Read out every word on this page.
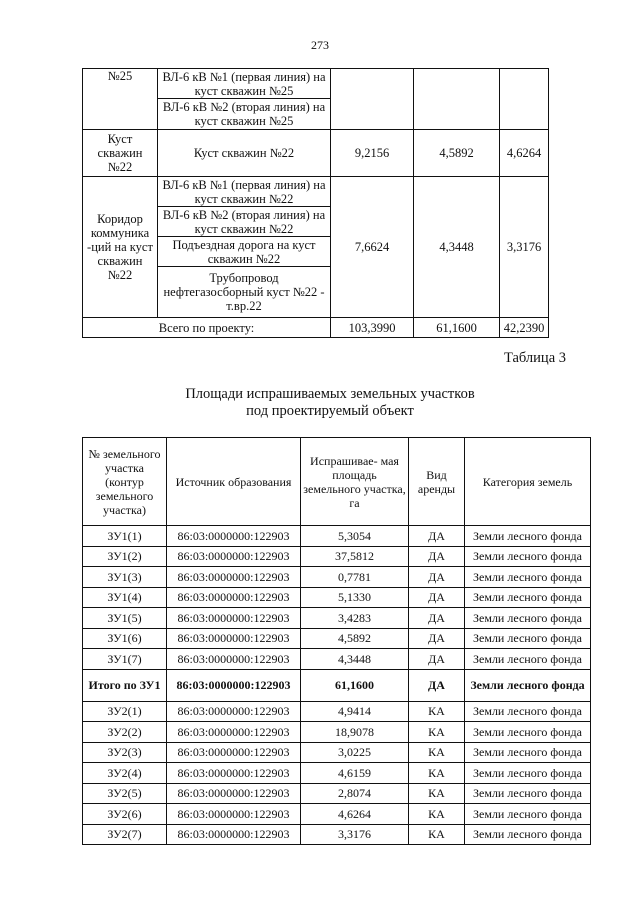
273
№25	ВЛ-6 кВ №1 (первая линия) на куст скважин №25
ВЛ-6 кВ №2 (вторая линия) на куст скважин №25			

Куст скважин №22	Куст скважин №22	9,2156	4,5892	4,6264
Коридор коммуника -ций на куст скважин №22	ВЛ-6 кВ №1 (первая линия) на куст скважин №22
ВЛ-6 кВ №2 (вторая линия) на куст скважин №22
Подъездная дорога на куст скважин №22
Трубопровод нефтегазосборный куст №22 - т.вр.22	7,6624	4,3448	3,3176
Всего по проекту:		103,3990	61,1600	42,2390
Таблица 3
Площади испрашиваемых земельных участков
под проектируемый объект
№ земельного участка (контур земельного участка)	Источник образования	Испрашивае- мая площадь земельного участка, га	Вид аренды	Категория земель
ЗУ1(1)	86:03:0000000:122903	5,3054	ДА	Земли лесного фонда
ЗУ1(2)	86:03:0000000:122903	37,5812	ДА	Земли лесного фонда
ЗУ1(3)	86:03:0000000:122903	0,7781	ДА	Земли лесного фонда
ЗУ1(4)	86:03:0000000:122903	5,1330	ДА	Земли лесного фонда
ЗУ1(5)	86:03:0000000:122903	3,4283	ДА	Земли лесного фонда
ЗУ1(6)	86:03:0000000:122903	4,5892	ДА	Земли лесного фонда
ЗУ1(7)	86:03:0000000:122903	4,3448	ДА	Земли лесного фонда
Итого по ЗУ1	86:03:0000000:122903	61,1600	ДА	Земли лесного фонда
ЗУ2(1)	86:03:0000000:122903	4,9414	КА	Земли лесного фонда
ЗУ2(2)	86:03:0000000:122903	18,9078	КА	Земли лесного фонда
ЗУ2(3)	86:03:0000000:122903	3,0225	КА	Земли лесного фонда
ЗУ2(4)	86:03:0000000:122903	4,6159	КА	Земли лесного фонда
ЗУ2(5)	86:03:0000000:122903	2,8074	КА	Земли лесного фонда
ЗУ2(6)	86:03:0000000:122903	4,6264	КА	Земли лесного фонда
ЗУ2(7)	86:03:0000000:122903	3,3176	КА	Земли лесного фонда
